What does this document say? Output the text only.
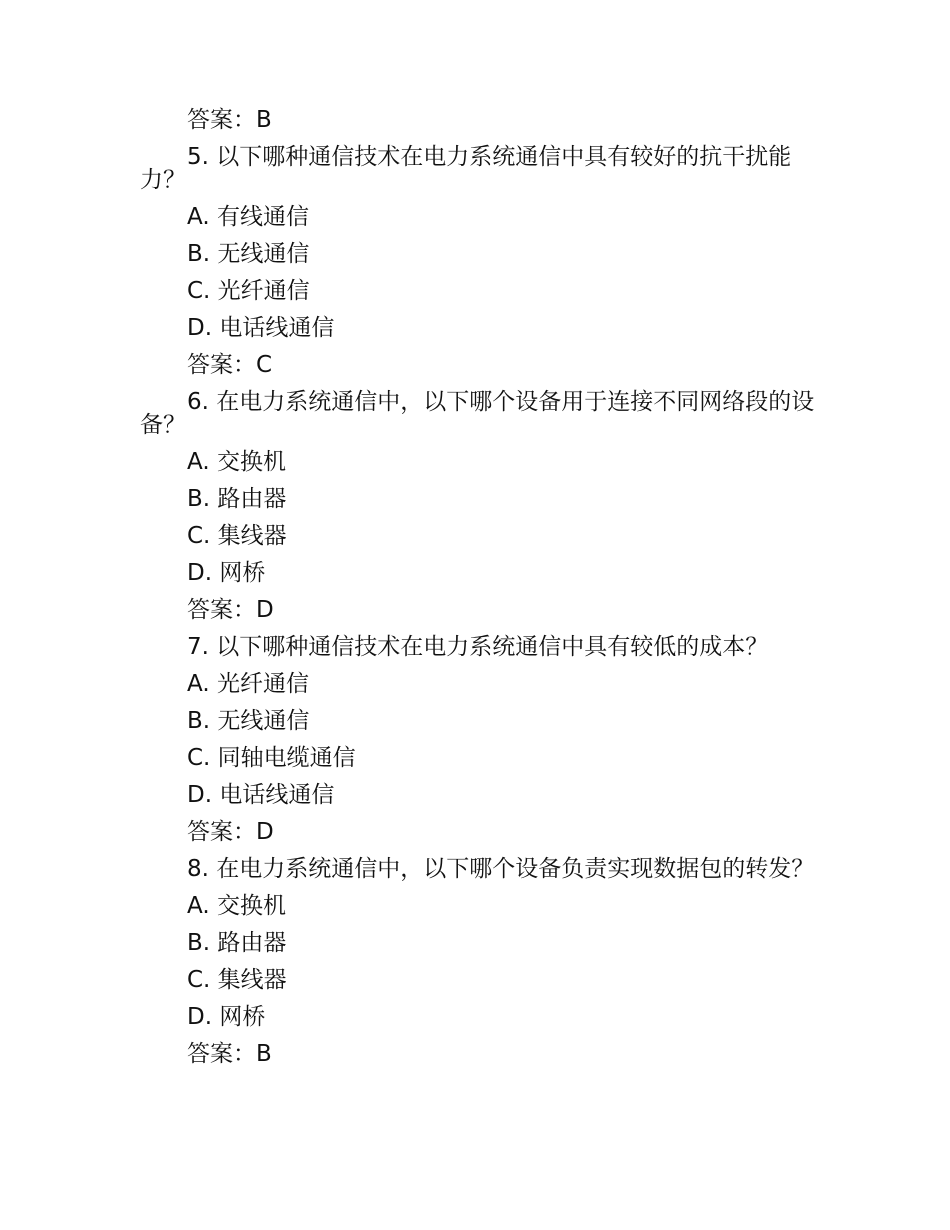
答案：B
5. 以下哪种通信技术在电力系统通信中具有较好的抗干扰能力？
A. 有线通信
B. 无线通信
C. 光纤通信
D. 电话线通信
答案：C
6. 在电力系统通信中，以下哪个设备用于连接不同网络段的设备？
A. 交换机
B. 路由器
C. 集线器
D. 网桥
答案：D
7. 以下哪种通信技术在电力系统通信中具有较低的成本？
A. 光纤通信
B. 无线通信
C. 同轴电缆通信
D. 电话线通信
答案：D
8. 在电力系统通信中，以下哪个设备负责实现数据包的转发？
A. 交换机
B. 路由器
C. 集线器
D. 网桥
答案：B
